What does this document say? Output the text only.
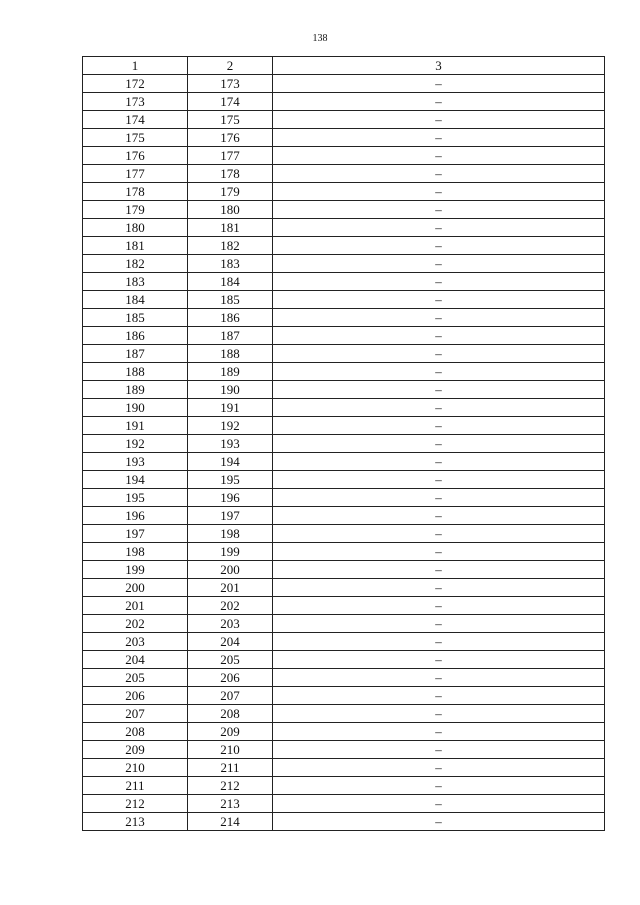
138
1	2	3
172	173	–
173	174	–
174	175	–
175	176	–
176	177	–
177	178	–
178	179	–
179	180	–
180	181	–
181	182	–
182	183	–
183	184	–
184	185	–
185	186	–
186	187	–
187	188	–
188	189	–
189	190	–
190	191	–
191	192	–
192	193	–
193	194	–
194	195	–
195	196	–
196	197	–
197	198	–
198	199	–
199	200	–
200	201	–
201	202	–
202	203	–
203	204	–
204	205	–
205	206	–
206	207	–
207	208	–
208	209	–
209	210	–
210	211	–
211	212	–
212	213	–
213	214	–
